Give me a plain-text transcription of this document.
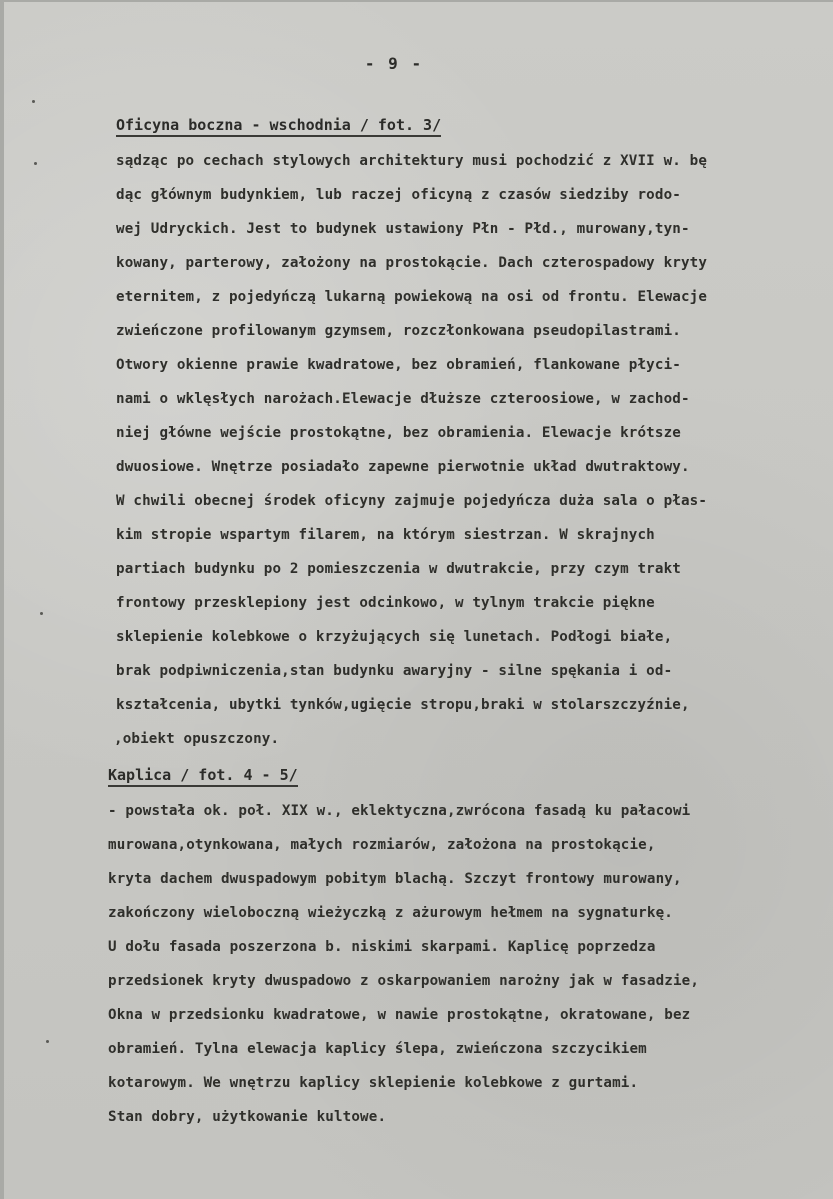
- 9 -
Oficyna boczna - wschodnia / fot. 3/
sądząc po cechach stylowych architektury musi pochodzić z XVII w. bę
dąc głównym budynkiem, lub raczej oficyną z czasów siedziby rodo-
wej Udryckich. Jest to budynek ustawiony Płn - Płd., murowany,tyn-
kowany, parterowy, założony na prostokącie. Dach czterospadowy kryty
eternitem, z pojedyńczą lukarną powiekową na osi od frontu. Elewacje
zwieńczone profilowanym gzymsem, rozczłonkowana pseudopilastrami.
Otwory okienne prawie kwadratowe, bez obramień, flankowane płyci-
nami o wklęsłych narożach.Elewacje dłuższe czteroosiowe, w zachod-
niej główne wejście prostokątne, bez obramienia. Elewacje krótsze
dwuosiowe. Wnętrze posiadało zapewne pierwotnie układ dwutraktowy.
W chwili obecnej środek oficyny zajmuje pojedyńcza duża sala o płas-
kim stropie wspartym filarem, na którym siestrzan. W skrajnych
partiach budynku po 2 pomieszczenia w dwutrakcie, przy czym trakt
frontowy przesklepiony jest odcinkowo, w tylnym trakcie piękne
sklepienie kolebkowe o krzyżujących się lunetach. Podłogi białe,
brak podpiwniczenia,stan budynku awaryjny - silne spękania i od-
kształcenia, ubytki tynków,ugięcie stropu,braki w stolarszczyźnie,
,obiekt opuszczony.
Kaplica / fot. 4 - 5/
- powstała ok. poł. XIX w., eklektyczna,zwrócona fasadą ku pałacowi
murowana,otynkowana, małych rozmiarów, założona na prostokącie,
kryta dachem dwuspadowym pobitym blachą. Szczyt frontowy murowany,
zakończony wieloboczną wieżyczką z ażurowym hełmem na sygnaturkę.
U dołu fasada poszerzona b. niskimi skarpami. Kaplicę poprzedza
przedsionek kryty dwuspadowo z oskarpowaniem narożny jak w fasadzie,
Okna w przedsionku kwadratowe, w nawie prostokątne, okratowane, bez
obramień. Tylna elewacja kaplicy ślepa, zwieńczona szczycikiem
kotarowym. We wnętrzu kaplicy sklepienie kolebkowe z gurtami.
Stan dobry, użytkowanie kultowe.
